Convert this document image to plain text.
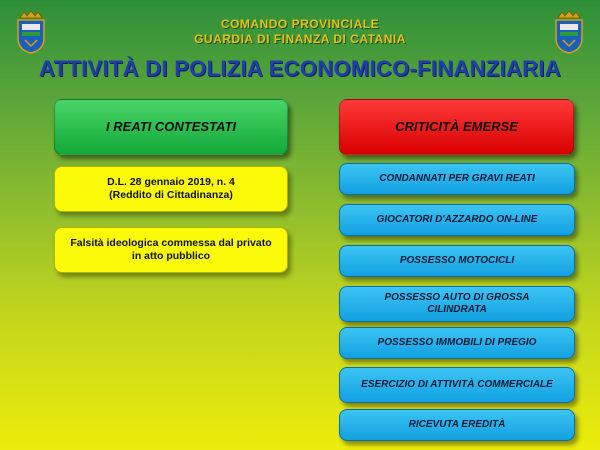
COMANDO PROVINCIALE
GUARDIA DI FINANZA DI CATANIA
ATTIVITÀ DI POLIZIA ECONOMICO-FINANZIARIA
I REATI CONTESTATI	CRITICITÀ EMERSE
D.L. 28 gennaio 2019, n. 4
(Reddito di Cittadinanza)
Falsità ideologica commessa dal privato in atto pubblico
CONDANNATI PER GRAVI REATI
GIOCATORI D'AZZARDO ON-LINE
POSSESSO MOTOCICLI
POSSESSO AUTO DI GROSSA CILINDRATA
POSSESSO IMMOBILI DI PREGIO
ESERCIZIO DI ATTIVITÀ COMMERCIALE
RICEVUTA EREDITÀ
